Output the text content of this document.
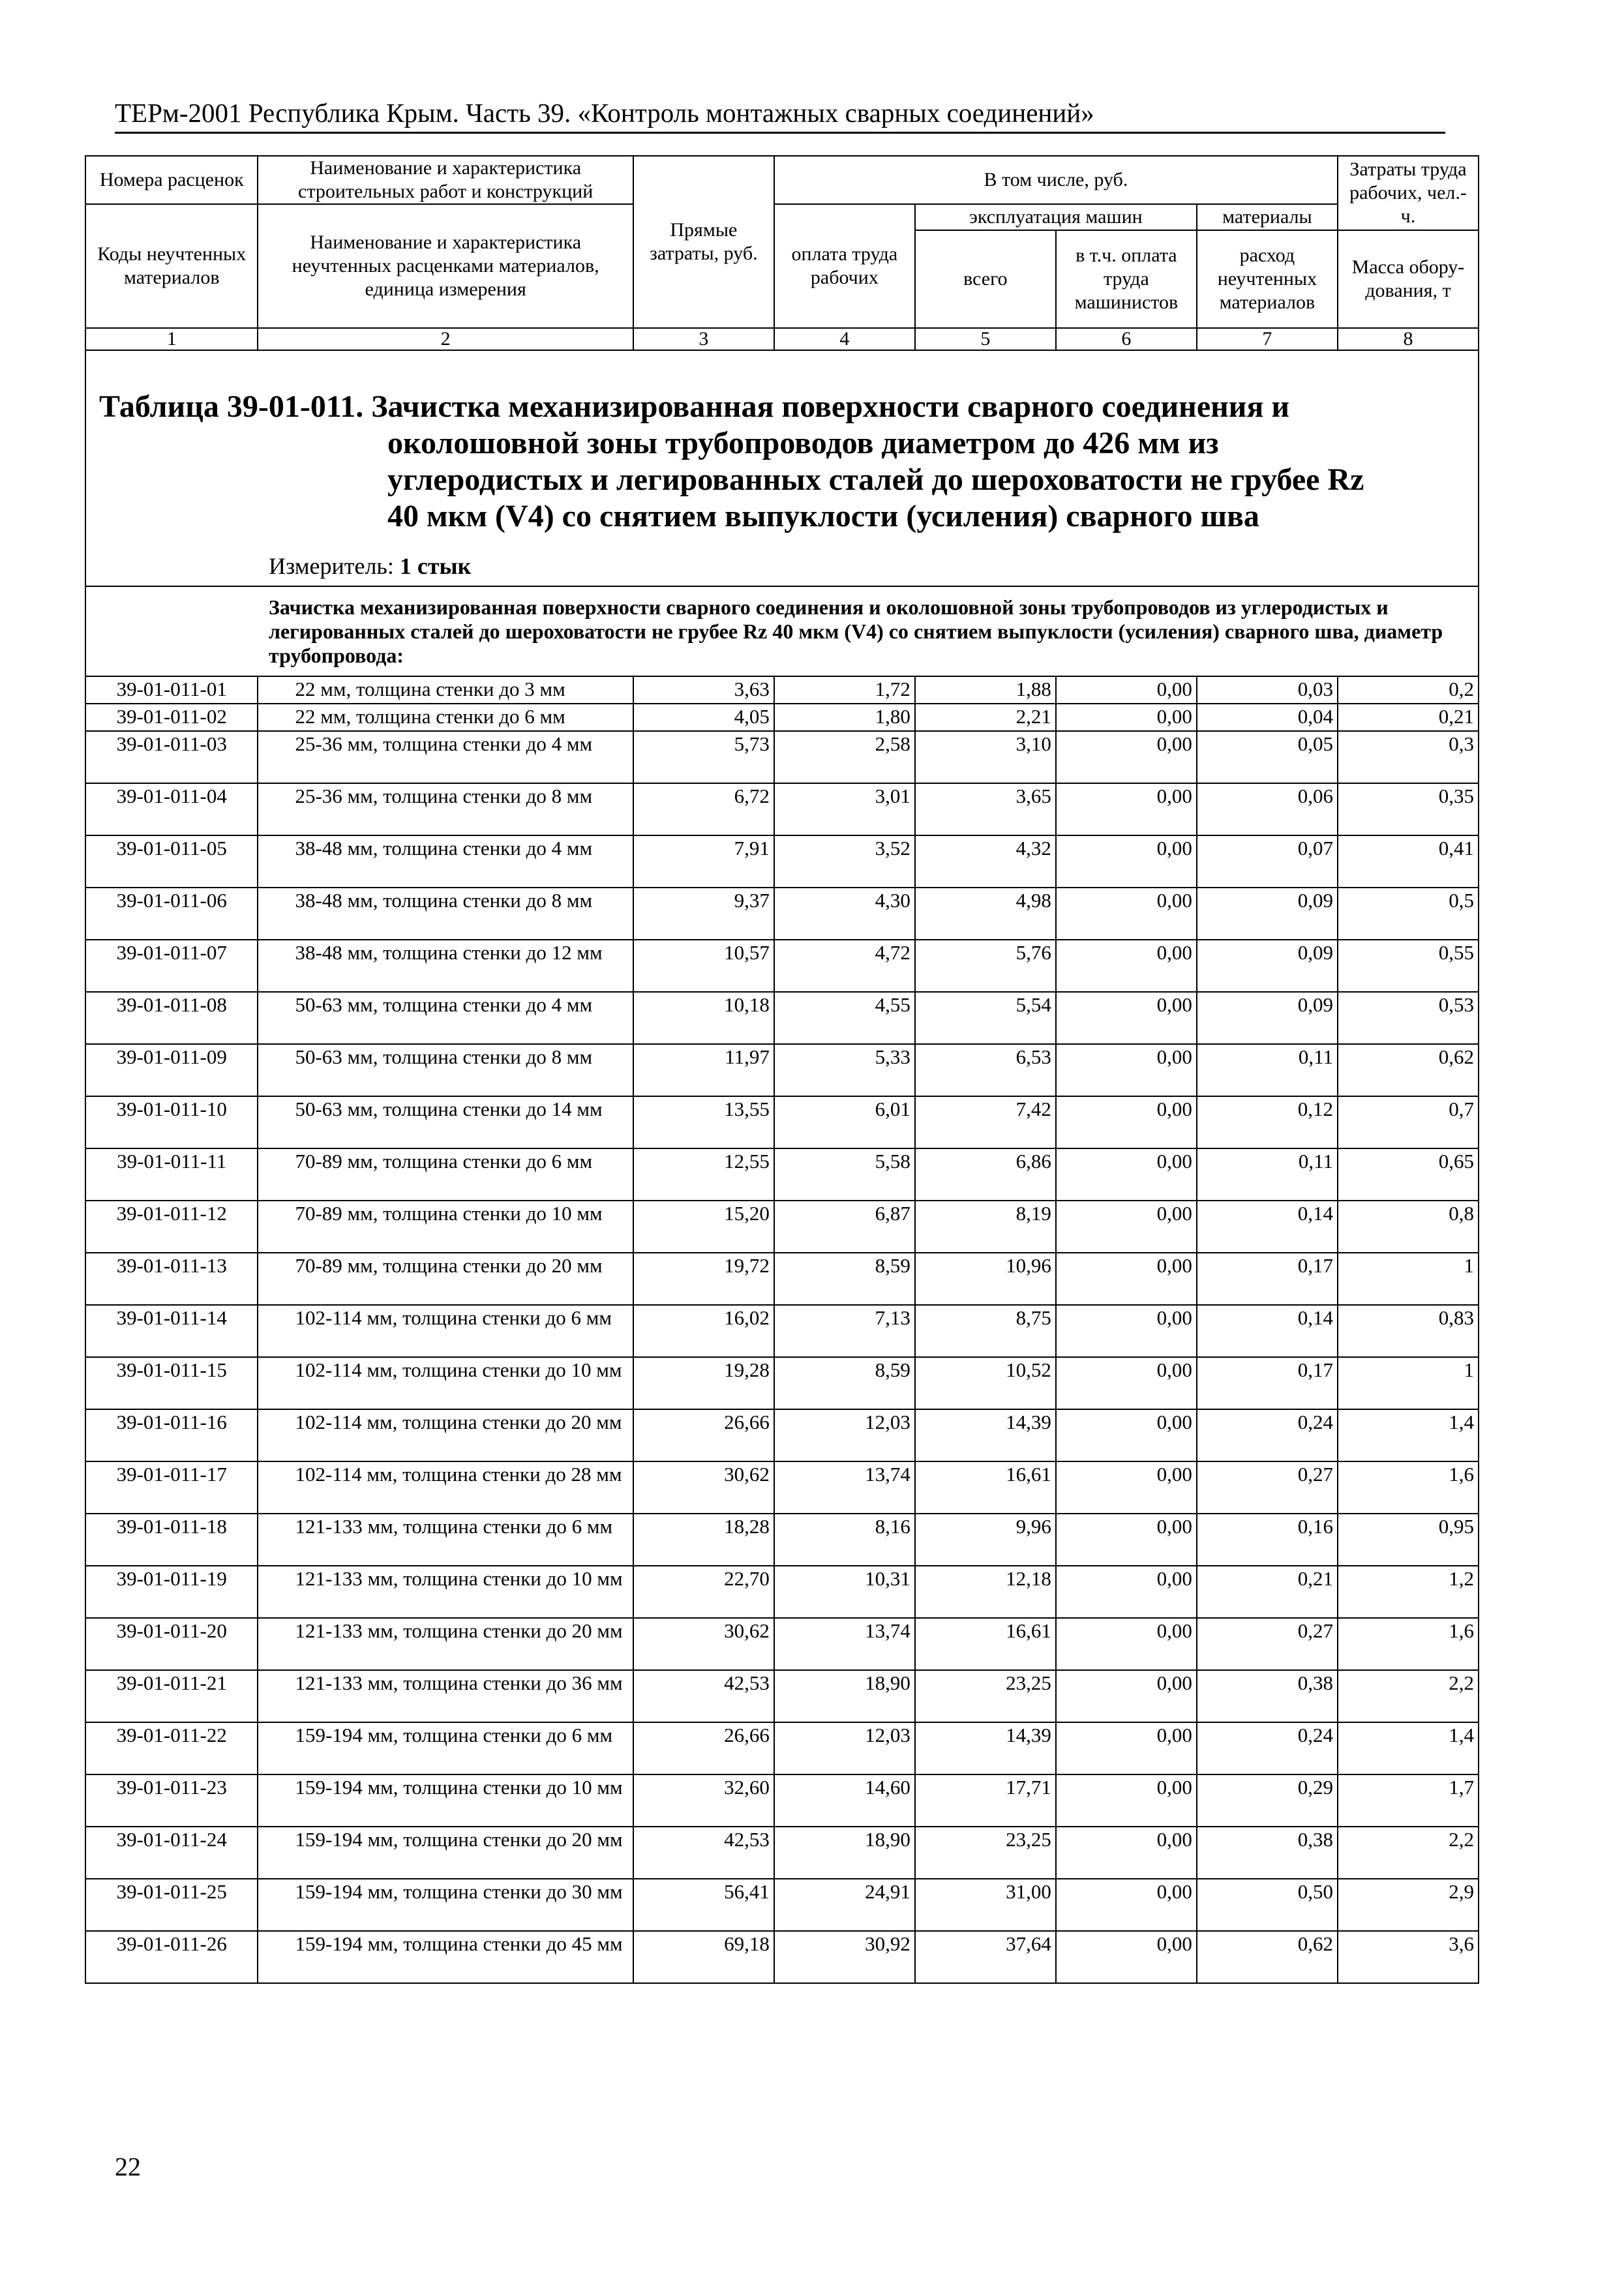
ТЕРм-2001 Республика Крым. Часть 39. «Контроль монтажных сварных соединений»
Номера расценок	Наименование и характеристика строительных работ и конструкций	Прямые затраты, руб.	В том числе, руб.				Затраты труда рабочих, чел.-ч.
Коды неучтенных материалов	Наименование и характеристика неучтенных расценками материалов, единица измерения		оплата труда рабочих	эксплуатация машин		материалы	
				всего	в т.ч. оплата труда машинистов	расход неучтенных материалов	Масса обору-дования, т
1	2	3	4	5	6	7	8

Таблица 39-01-011. Зачистка механизированная поверхности сварного соединения и
околошовной зоны трубопроводов диаметром до 426 мм из
углеродистых и легированных сталей до шероховатости не грубее Rz
40 мкм (V4) со снятием выпуклости (усиления) сварного шва
Измеритель: 1 стык							

Зачистка механизированная поверхности сварного соединения и околошовной зоны трубопроводов из углеродистых и легированных сталей до шероховатости не грубее Rz 40 мкм (V4) со снятием выпуклости (усиления) сварного шва, диаметр трубопровода:							
39-01-011-01	22 мм, толщина стенки до 3 мм	3,63	1,72	1,88	0,00	0,03	0,2
39-01-011-02	22 мм, толщина стенки до 6 мм	4,05	1,80	2,21	0,00	0,04	0,21
39-01-011-03	25-36 мм, толщина стенки до 4 мм	5,73	2,58	3,10	0,00	0,05	0,3
39-01-011-04	25-36 мм, толщина стенки до 8 мм	6,72	3,01	3,65	0,00	0,06	0,35
39-01-011-05	38-48 мм, толщина стенки до 4 мм	7,91	3,52	4,32	0,00	0,07	0,41
39-01-011-06	38-48 мм, толщина стенки до 8 мм	9,37	4,30	4,98	0,00	0,09	0,5
39-01-011-07	38-48 мм, толщина стенки до 12 мм	10,57	4,72	5,76	0,00	0,09	0,55
39-01-011-08	50-63 мм, толщина стенки до 4 мм	10,18	4,55	5,54	0,00	0,09	0,53
39-01-011-09	50-63 мм, толщина стенки до 8 мм	11,97	5,33	6,53	0,00	0,11	0,62
39-01-011-10	50-63 мм, толщина стенки до 14 мм	13,55	6,01	7,42	0,00	0,12	0,7
39-01-011-11	70-89 мм, толщина стенки до 6 мм	12,55	5,58	6,86	0,00	0,11	0,65
39-01-011-12	70-89 мм, толщина стенки до 10 мм	15,20	6,87	8,19	0,00	0,14	0,8
39-01-011-13	70-89 мм, толщина стенки до 20 мм	19,72	8,59	10,96	0,00	0,17	1
39-01-011-14	102-114 мм, толщина стенки до 6 мм	16,02	7,13	8,75	0,00	0,14	0,83
39-01-011-15	102-114 мм, толщина стенки до 10 мм	19,28	8,59	10,52	0,00	0,17	1
39-01-011-16	102-114 мм, толщина стенки до 20 мм	26,66	12,03	14,39	0,00	0,24	1,4
39-01-011-17	102-114 мм, толщина стенки до 28 мм	30,62	13,74	16,61	0,00	0,27	1,6
39-01-011-18	121-133 мм, толщина стенки до 6 мм	18,28	8,16	9,96	0,00	0,16	0,95
39-01-011-19	121-133 мм, толщина стенки до 10 мм	22,70	10,31	12,18	0,00	0,21	1,2
39-01-011-20	121-133 мм, толщина стенки до 20 мм	30,62	13,74	16,61	0,00	0,27	1,6
39-01-011-21	121-133 мм, толщина стенки до 36 мм	42,53	18,90	23,25	0,00	0,38	2,2
39-01-011-22	159-194 мм, толщина стенки до 6 мм	26,66	12,03	14,39	0,00	0,24	1,4
39-01-011-23	159-194 мм, толщина стенки до 10 мм	32,60	14,60	17,71	0,00	0,29	1,7
39-01-011-24	159-194 мм, толщина стенки до 20 мм	42,53	18,90	23,25	0,00	0,38	2,2
39-01-011-25	159-194 мм, толщина стенки до 30 мм	56,41	24,91	31,00	0,00	0,50	2,9
39-01-011-26	159-194 мм, толщина стенки до 45 мм	69,18	30,92	37,64	0,00	0,62	3,6
22
